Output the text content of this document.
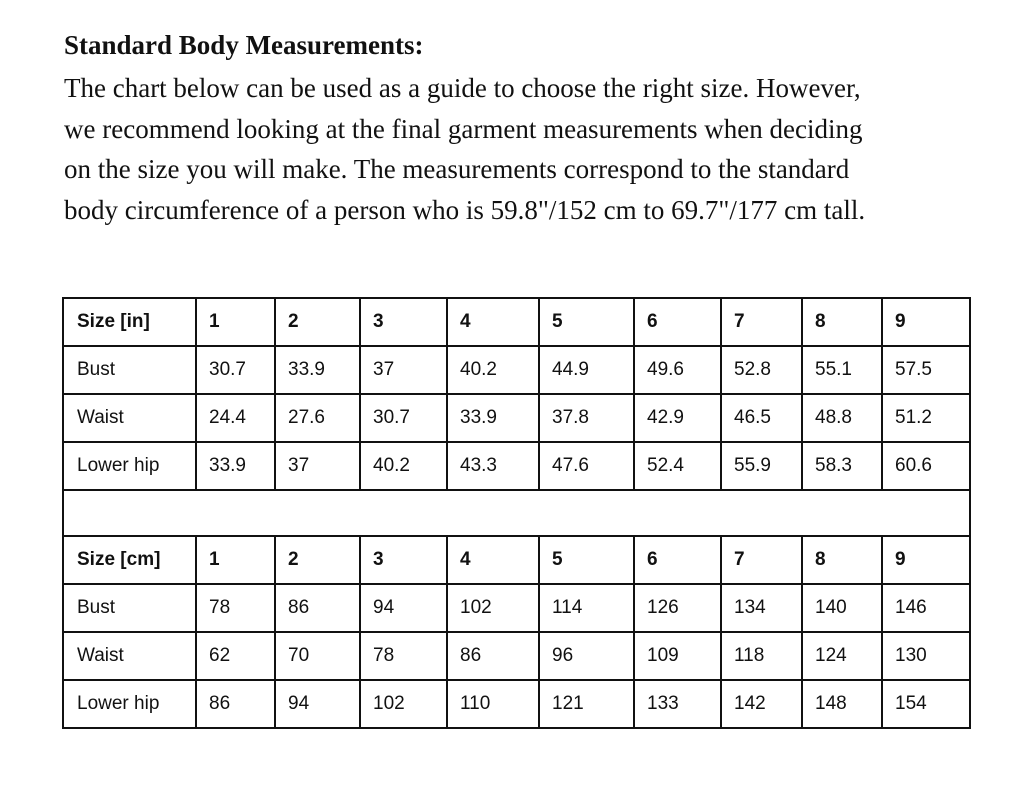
Standard Body Measurements:

The chart below can be used as a guide to choose the right size. However,
we recommend looking at the final garment measurements when deciding
on the size you will make. The measurements correspond to the standard
body circumference of a person who is 59.8"/152 cm to 69.7"/177 cm tall.

Size [in]	1	2	3	4	5	6	7	8	9
Bust	30.7	33.9	37	40.2	44.9	49.6	52.8	55.1	57.5
Waist	24.4	27.6	30.7	33.9	37.8	42.9	46.5	48.8	51.2
Lower hip	33.9	37	40.2	43.3	47.6	52.4	55.9	58.3	60.6

Size [cm]	1	2	3	4	5	6	7	8	9
Bust	78	86	94	102	114	126	134	140	146
Waist	62	70	78	86	96	109	118	124	130
Lower hip	86	94	102	110	121	133	142	148	154
